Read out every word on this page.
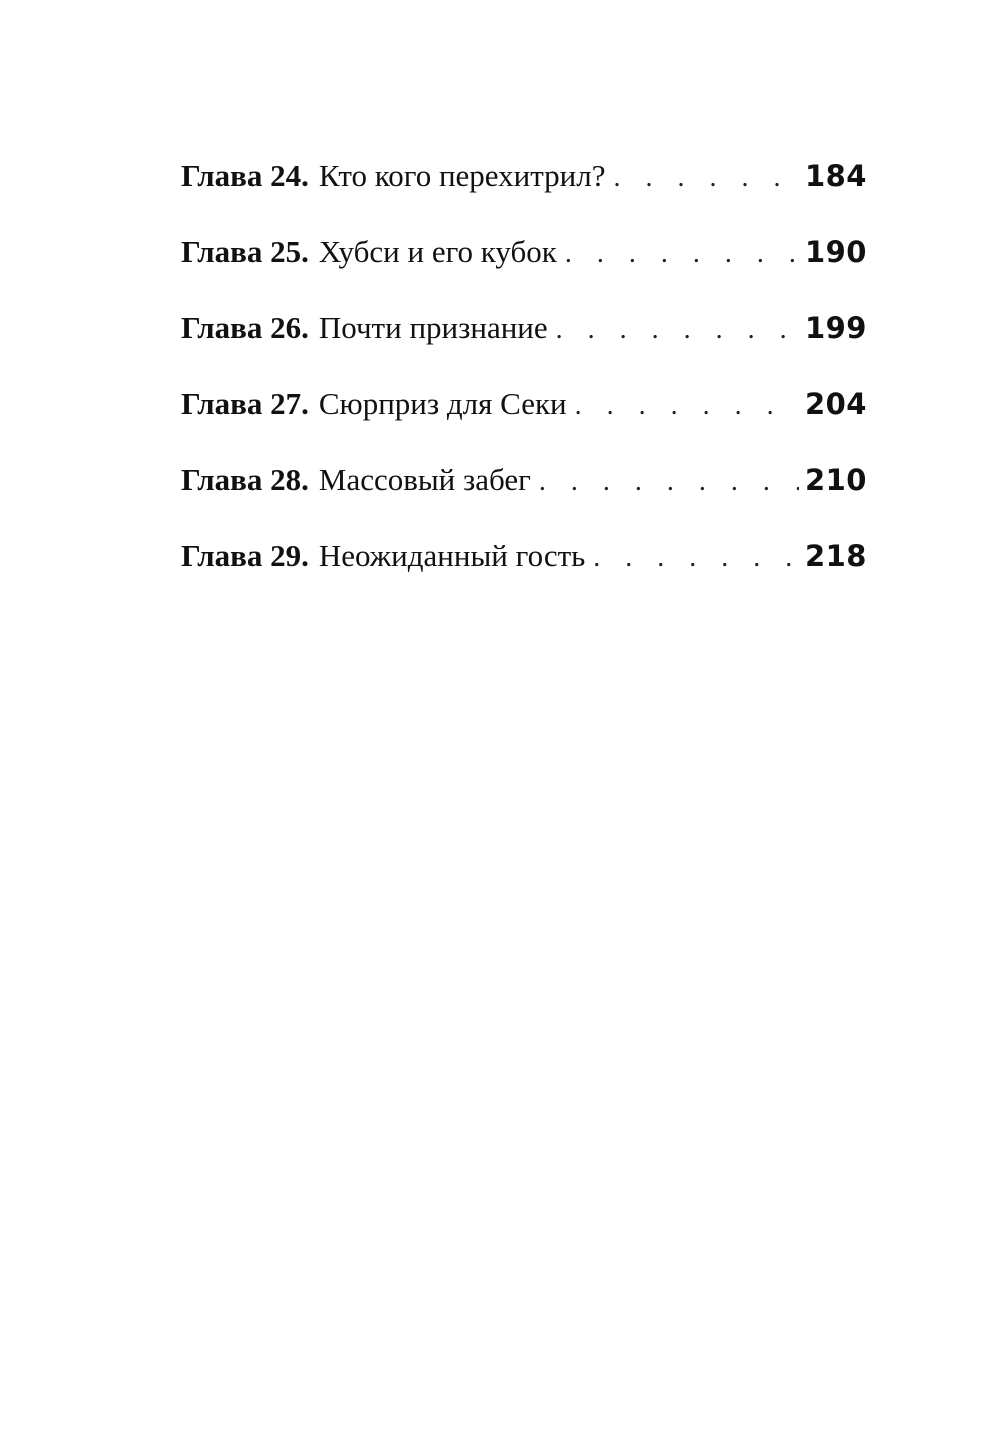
Глава 24. Кто кого перехитрил? . . .	184
Глава 25. Хубси и его кубок . . .	190
Глава 26. Почти признание . . .	199
Глава 27. Сюрприз для Секи . . .	204
Глава 28. Массовый забег . . .	210
Глава 29. Неожиданный гость . . .	218
